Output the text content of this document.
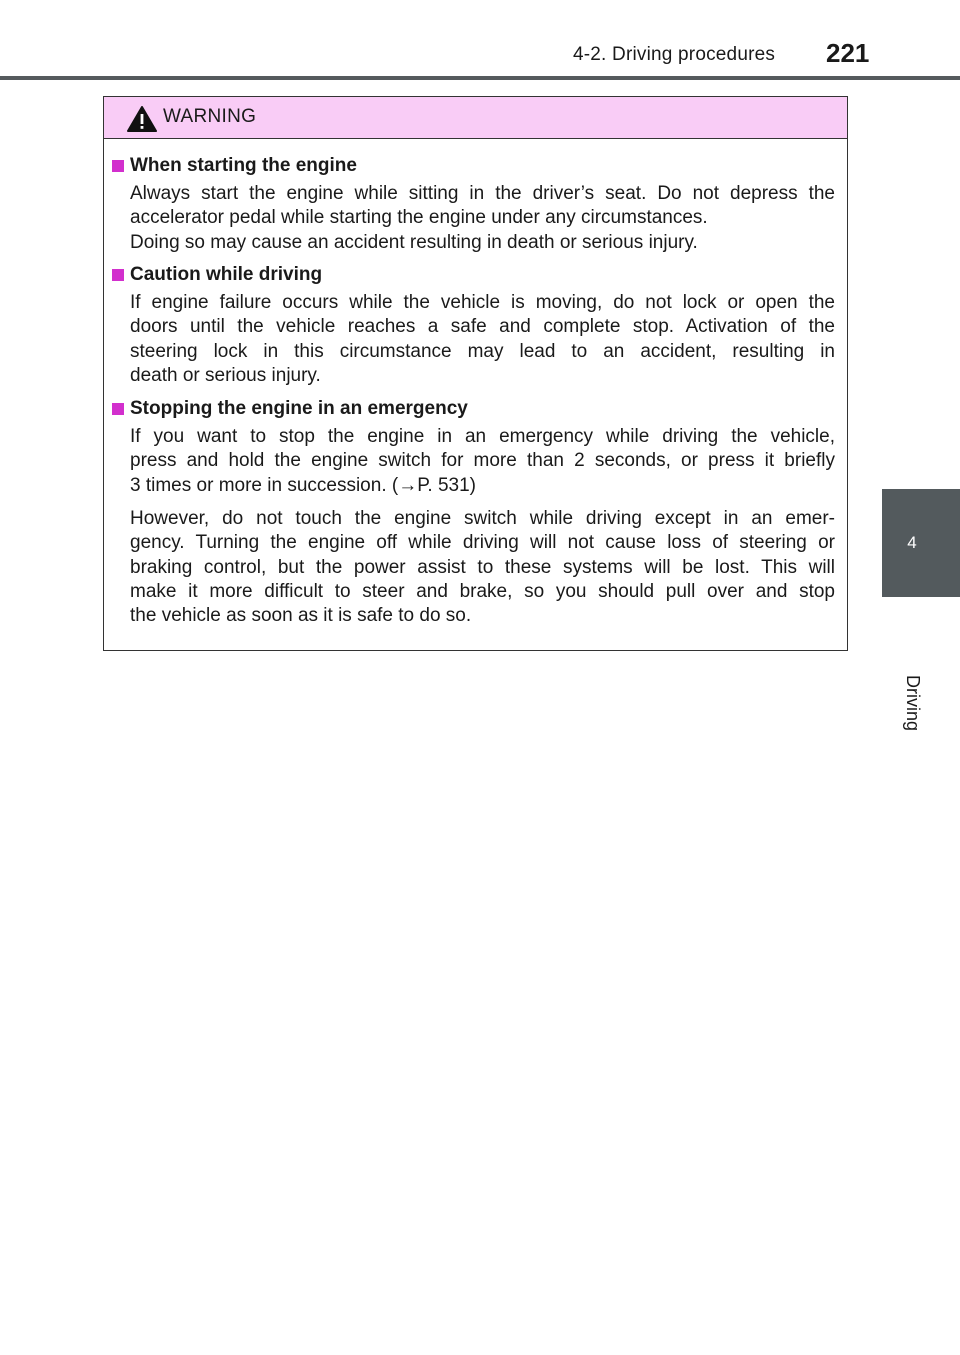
4-2. Driving procedures 221
4
Driving
WARNING
When starting the engine
Always start the engine while sitting in the driver’s seat. Do not depress the
accelerator pedal while starting the engine under any circumstances.
Doing so may cause an accident resulting in death or serious injury.
Caution while driving
If engine failure occurs while the vehicle is moving, do not lock or open the
doors until the vehicle reaches a safe and complete stop. Activation of the
steering lock in this circumstance may lead to an accident, resulting in
death or serious injury.
Stopping the engine in an emergency
If you want to stop the engine in an emergency while driving the vehicle,
press and hold the engine switch for more than 2 seconds, or press it briefly
3 times or more in succession. (→P. 531)
However, do not touch the engine switch while driving except in an emer-
gency. Turning the engine off while driving will not cause loss of steering or
braking control, but the power assist to these systems will be lost. This will
make it more difficult to steer and brake, so you should pull over and stop
the vehicle as soon as it is safe to do so.
